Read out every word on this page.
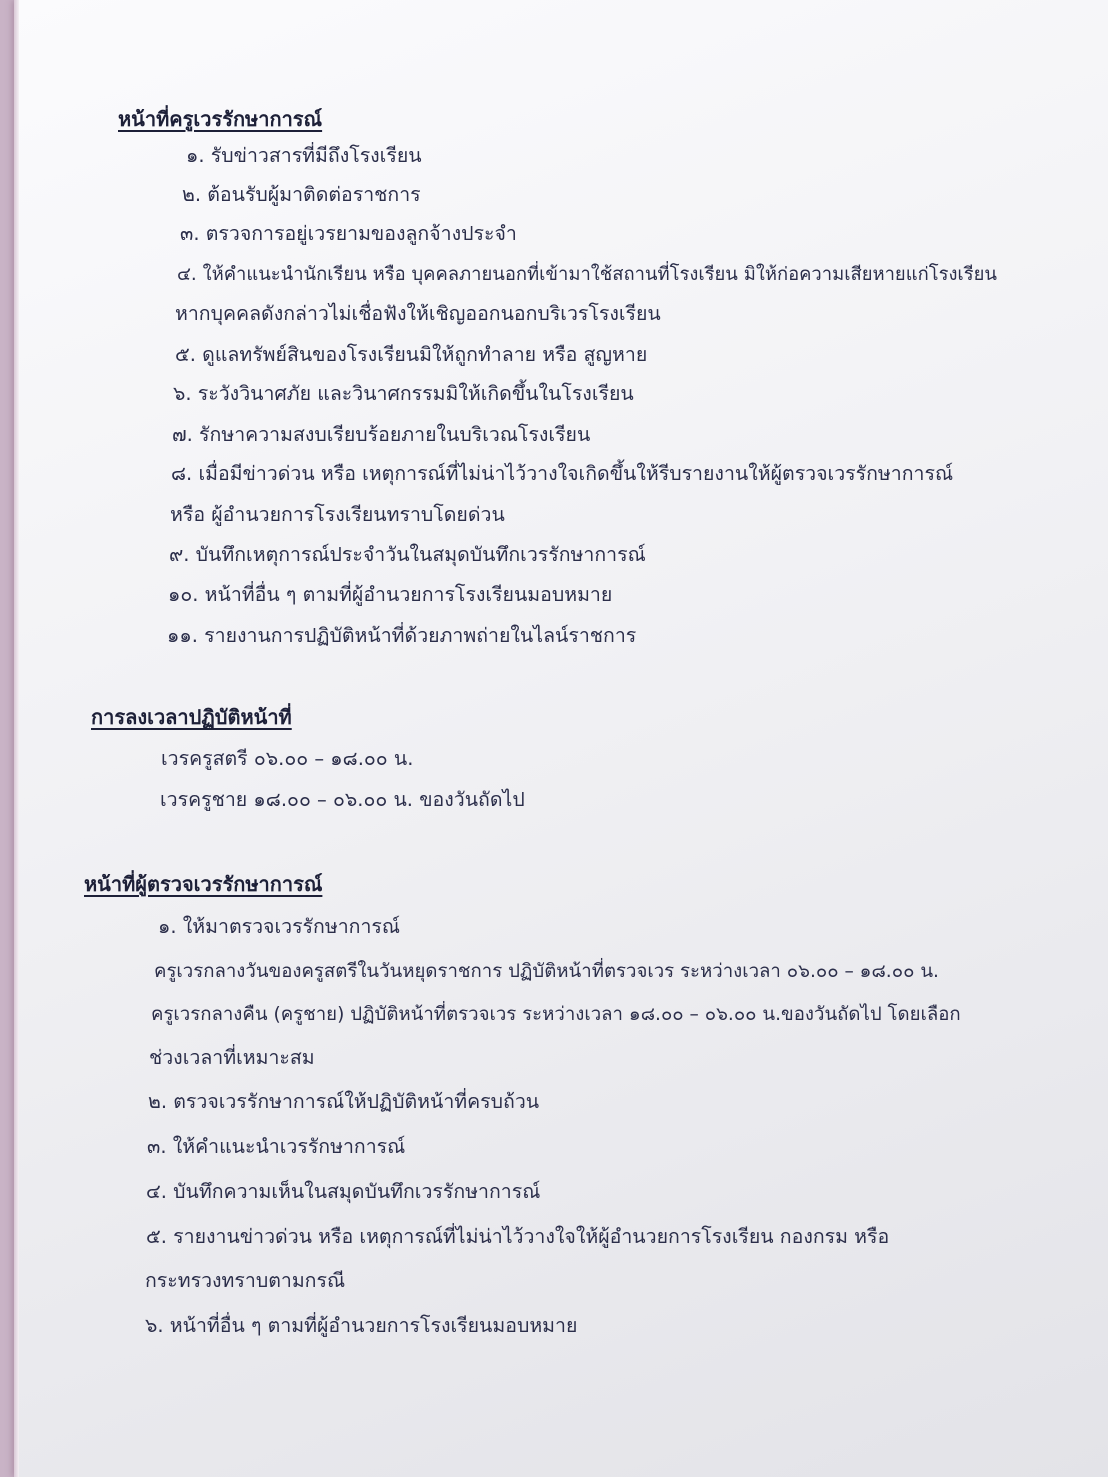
หน้าที่ครูเวรรักษาการณ์
๑. รับข่าวสารที่มีถึงโรงเรียน
๒. ต้อนรับผู้มาติดต่อราชการ
๓. ตรวจการอยู่เวรยามของลูกจ้างประจำ
๔. ให้คำแนะนำนักเรียน หรือ บุคคลภายนอกที่เข้ามาใช้สถานที่โรงเรียน มิให้ก่อความเสียหายแก่โรงเรียน
หากบุคคลดังกล่าวไม่เชื่อฟังให้เชิญออกนอกบริเวรโรงเรียน
๕. ดูแลทรัพย์สินของโรงเรียนมิให้ถูกทำลาย หรือ สูญหาย
๖. ระวังวินาศภัย และวินาศกรรมมิให้เกิดขึ้นในโรงเรียน
๗. รักษาความสงบเรียบร้อยภายในบริเวณโรงเรียน
๘. เมื่อมีข่าวด่วน หรือ เหตุการณ์ที่ไม่น่าไว้วางใจเกิดขึ้นให้รีบรายงานให้ผู้ตรวจเวรรักษาการณ์
หรือ ผู้อำนวยการโรงเรียนทราบโดยด่วน
๙. บันทึกเหตุการณ์ประจำวันในสมุดบันทึกเวรรักษาการณ์
๑๐. หน้าที่อื่น ๆ ตามที่ผู้อำนวยการโรงเรียนมอบหมาย
๑๑. รายงานการปฏิบัติหน้าที่ด้วยภาพถ่ายในไลน์ราชการ
การลงเวลาปฏิบัติหน้าที่
เวรครูสตรี ๐๖.๐๐ – ๑๘.๐๐ น.
เวรครูชาย ๑๘.๐๐ – ๐๖.๐๐ น. ของวันถัดไป
หน้าที่ผู้ตรวจเวรรักษาการณ์
๑. ให้มาตรวจเวรรักษาการณ์
ครูเวรกลางวันของครูสตรีในวันหยุดราชการ ปฏิบัติหน้าที่ตรวจเวร ระหว่างเวลา ๐๖.๐๐ – ๑๘.๐๐ น.
ครูเวรกลางคืน (ครูชาย) ปฏิบัติหน้าที่ตรวจเวร ระหว่างเวลา ๑๘.๐๐ – ๐๖.๐๐ น.ของวันถัดไป โดยเลือก
ช่วงเวลาที่เหมาะสม
๒. ตรวจเวรรักษาการณ์ให้ปฏิบัติหน้าที่ครบถ้วน
๓. ให้คำแนะนำเวรรักษาการณ์
๔. บันทึกความเห็นในสมุดบันทึกเวรรักษาการณ์
๕. รายงานข่าวด่วน หรือ เหตุการณ์ที่ไม่น่าไว้วางใจให้ผู้อำนวยการโรงเรียน กองกรม หรือ
กระทรวงทราบตามกรณี
๖. หน้าที่อื่น ๆ ตามที่ผู้อำนวยการโรงเรียนมอบหมาย
